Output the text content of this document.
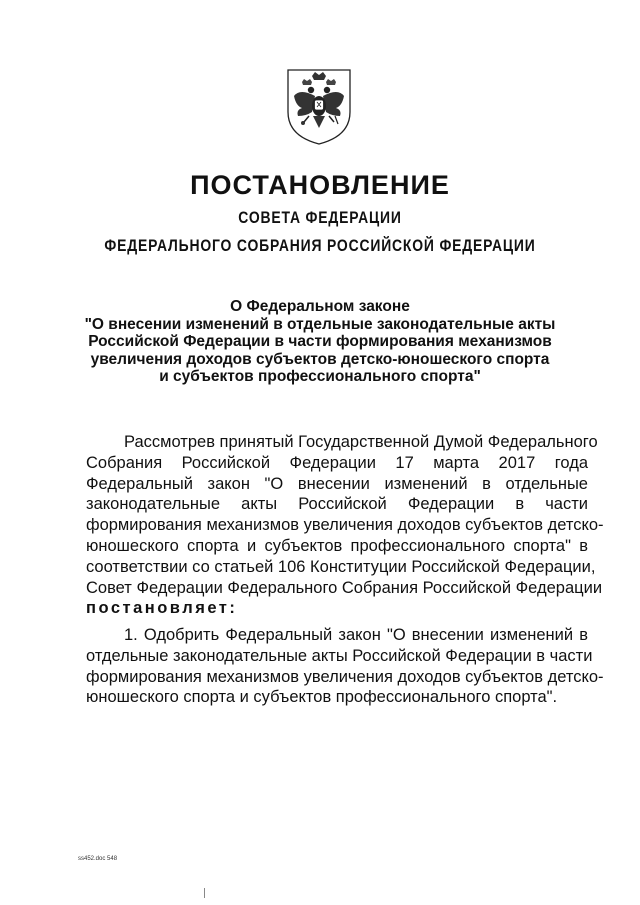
ПОСТАНОВЛЕНИЕ
СОВЕТА ФЕДЕРАЦИИ
ФЕДЕРАЛЬНОГО СОБРАНИЯ РОССИЙСКОЙ ФЕДЕРАЦИИ
О Федеральном законе
"О внесении изменений в отдельные законодательные акты
Российской Федерации в части формирования механизмов
увеличения доходов субъектов детско-юношеского спорта
и субъектов профессионального спорта"
Рассмотрев принятый Государственной Думой Федерального
Собрания Российской Федерации 17 марта 2017 года
Федеральный закон "О внесении изменений в отдельные
законодательные акты Российской Федерации в части
формирования механизмов увеличения доходов субъектов детско-
юношеского спорта и субъектов профессионального спорта" в
соответствии со статьей 106 Конституции Российской Федерации,
Совет Федерации Федерального Собрания Российской Федерации
постановляет:
1. Одобрить Федеральный закон "О внесении изменений в
отдельные законодательные акты Российской Федерации в части
формирования механизмов увеличения доходов субъектов детско-
юношеского спорта и субъектов профессионального спорта".
ss452.doc 548
